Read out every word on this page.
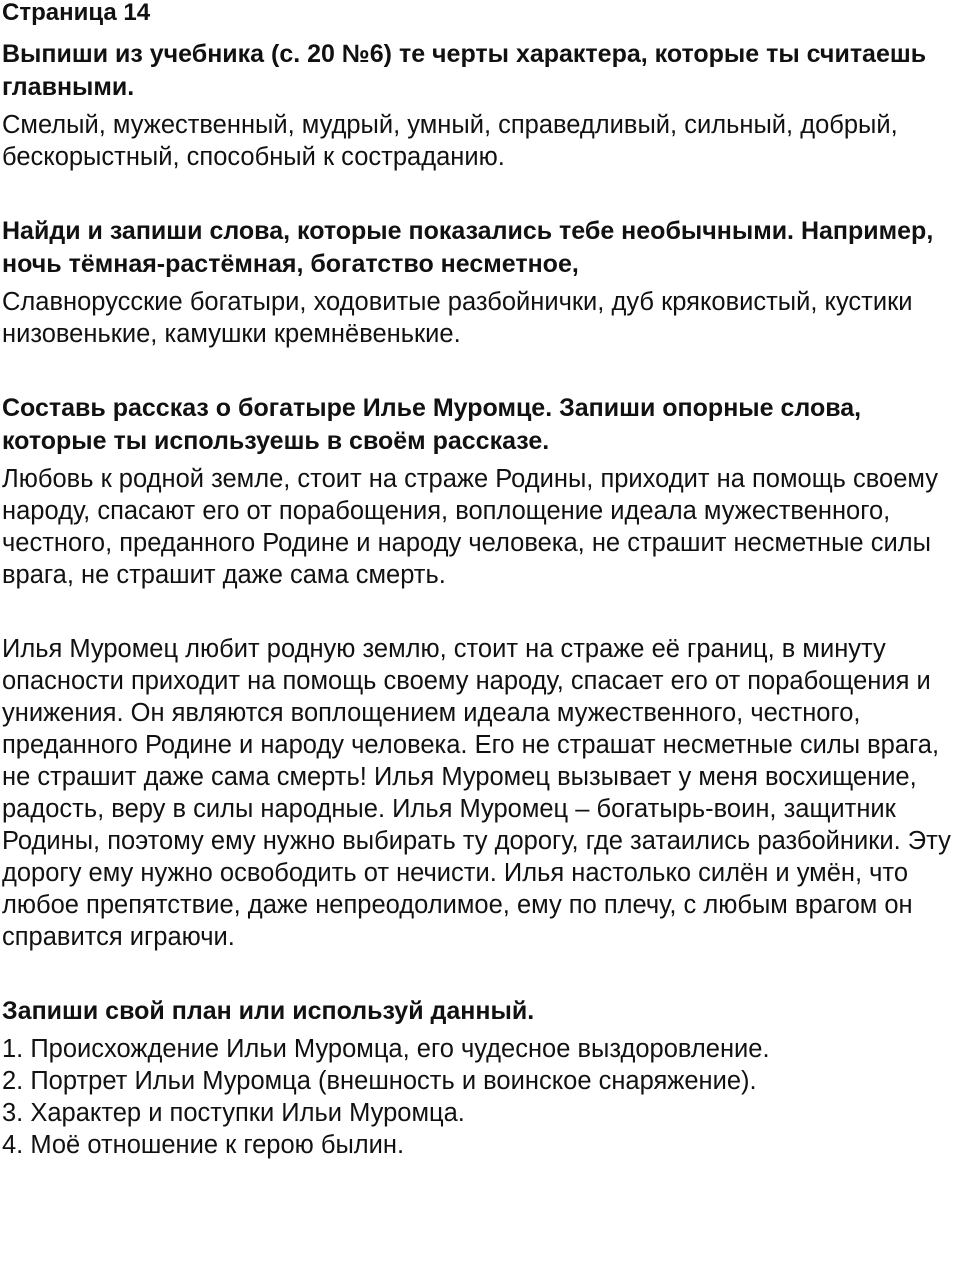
Страница 14

Выпиши из учебника (с. 20 №6) те черты характера, которые ты считаешь главными.

Смелый, мужественный, мудрый, умный, справедливый, сильный, добрый, бескорыстный, способный к состраданию.

Найди и запиши слова, которые показались тебе необычными. Например, ночь тёмная-растёмная, богатство несметное,

Славнорусские богатыри, ходовитые разбойнички, дуб кряковистый, кустики низовенькие, камушки кремнёвенькие.

Составь рассказ о богатыре Илье Муромце. Запиши опорные слова, которые ты используешь в своём рассказе.

Любовь к родной земле, стоит на страже Родины, приходит на помощь своему народу, спасают его от порабощения, воплощение идеала мужественного, честного, преданного Родине и народу человека, не страшит несметные силы врага, не страшит даже сама смерть.

Илья Муромец любит родную землю, стоит на страже её границ, в минуту опасности приходит на помощь своему народу, спасает его от порабощения и унижения. Он являются воплощением идеала мужественного, честного, преданного Родине и народу человека. Его не страшат несметные силы врага, не страшит даже сама смерть! Илья Муромец вызывает у меня восхищение, радость, веру в силы народные. Илья Муромец – богатырь-воин, защитник Родины, поэтому ему нужно выбирать ту дорогу, где затаились разбойники. Эту дорогу ему нужно освободить от нечисти. Илья настолько силён и умён, что любое препятствие, даже непреодолимое, ему по плечу, с любым врагом он справится играючи.

Запиши свой план или используй данный.

1. Происхождение Ильи Муромца, его чудесное выздоровление.
2. Портрет Ильи Муромца (внешность и воинское снаряжение).
3. Характер и поступки Ильи Муромца.
4. Моё отношение к герою былин.
